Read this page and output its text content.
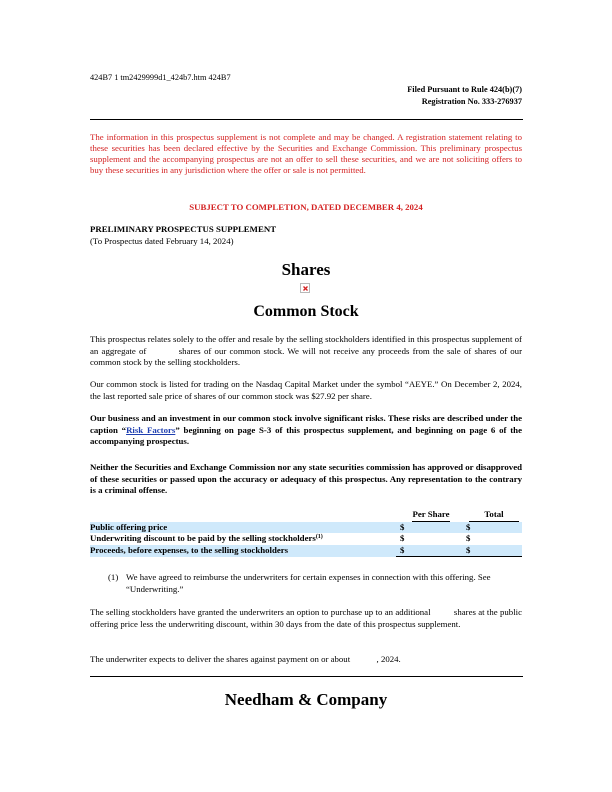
424B7 1 tm2429999d1_424b7.htm 424B7
Filed Pursuant to Rule 424(b)(7)
Registration No. 333-276937
The information in this prospectus supplement is not complete and may be changed. A registration statement relating to these securities has been declared effective by the Securities and Exchange Commission. This preliminary prospectus supplement and the accompanying prospectus are not an offer to sell these securities, and we are not soliciting offers to buy these securities in any jurisdiction where the offer or sale is not permitted.
SUBJECT TO COMPLETION, DATED DECEMBER 4, 2024
PRELIMINARY PROSPECTUS SUPPLEMENT
(To Prospectus dated February 14, 2024)
Shares
Common Stock
This prospectus relates solely to the offer and resale by the selling stockholders identified in this prospectus supplement of an aggregate of          shares of our common stock. We will not receive any proceeds from the sale of shares of our common stock by the selling stockholders.
Our common stock is listed for trading on the Nasdaq Capital Market under the symbol “AEYE.” On December 2, 2024, the last reported sale price of shares of our common stock was $27.92 per share.
Our business and an investment in our common stock involve significant risks. These risks are described under the caption “Risk Factors” beginning on page S-3 of this prospectus supplement, and beginning on page 6 of the accompanying prospectus.
Neither the Securities and Exchange Commission nor any state securities commission has approved or disapproved of these securities or passed upon the accuracy or adequacy of this prospectus. Any representation to the contrary is a criminal offense.
	Per Share	Total
Public offering price	$	$
Underwriting discount to be paid by the selling stockholders$^{(1)}$	$	$
Proceeds, before expenses, to the selling stockholders	$	$
(1) We have agreed to reimburse the underwriters for certain expenses in connection with this offering. See “Underwriting.”
The selling stockholders have granted the underwriters an option to purchase up to an additional          shares at the public offering price less the underwriting discount, within 30 days from the date of this prospectus supplement.
The underwriter expects to deliver the shares against payment on or about            , 2024.
Needham & Company
